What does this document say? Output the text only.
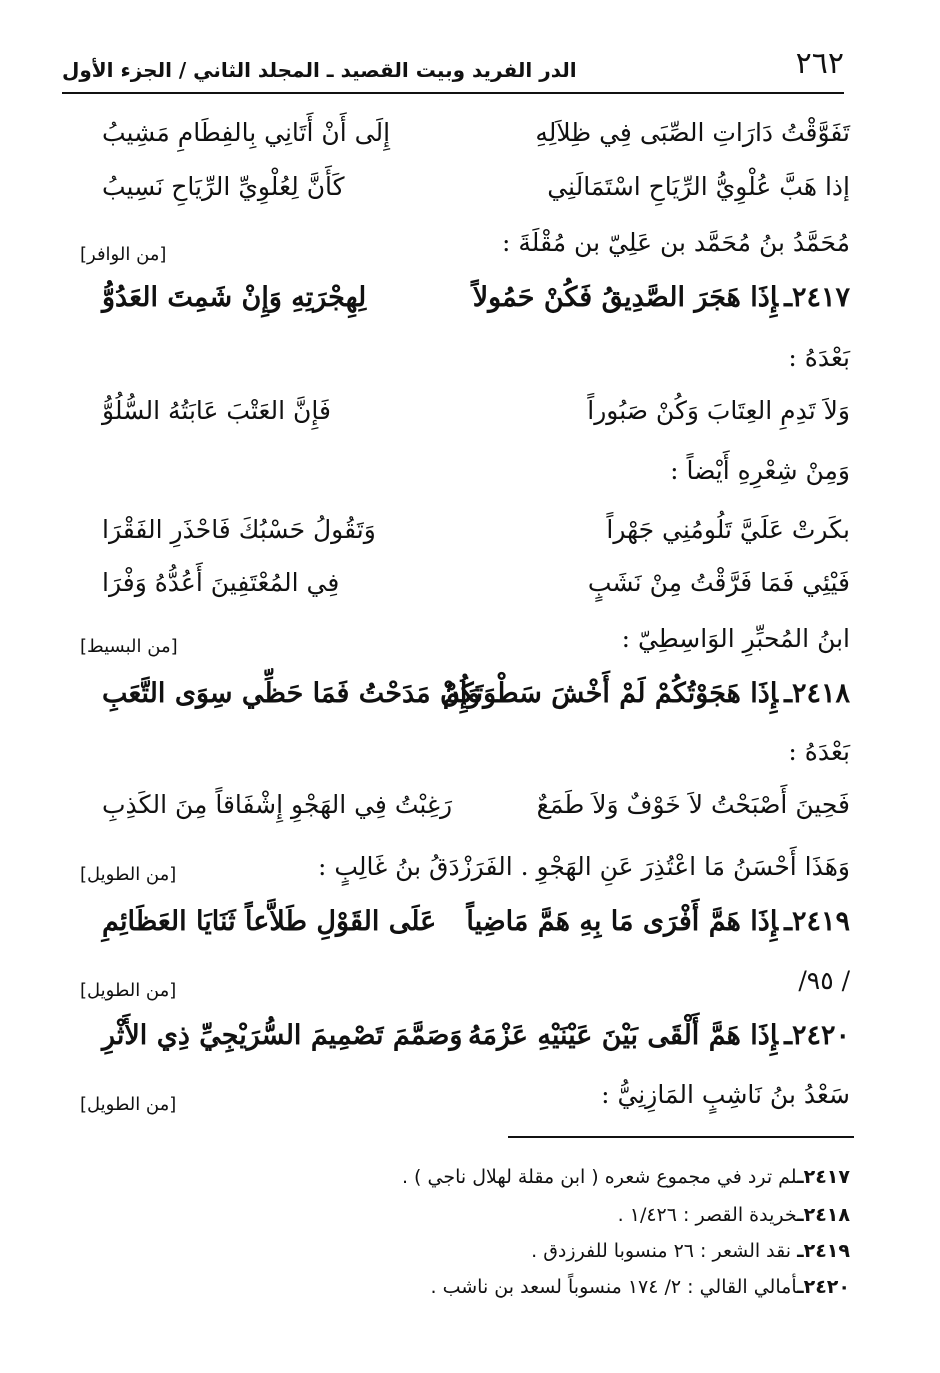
٢٦٢
الدر الفريد وبيت القصيد ـ المجلد الثاني / الجزء الأول
تَفَوَّقْتُ دَارَاتِ الصِّبَى فِي ظِلاَلِهِ
إِلَى أَنْ أَتَانِي بِالفِطَامِ مَشِيبُ
إذا هَبَّ عُلْوِيُّ الرِّيَاحِ اسْتَمَالَنِي
كَأَنَّ لِعُلْوِيِّ الرِّيَاحِ نَسِيبُ
مُحَمَّدُ بنُ مُحَمَّد بن عَلِيّ بن مُقْلَةَ :
[من الوافر]
٢٤١٧ـإِذَا هَجَرَ الصَّدِيقُ فَكُنْ حَمُولاً
لِهِجْرَتِهِ وَإِنْ شَمِتَ العَدُوُّ
بَعْدَهُ :
وَلاَ تَدِمِ العِتَابَ وَكُنْ صَبُوراً
فَإِنَّ العَتْبَ عَابَتُهُ السُّلُوُّ
وَمِنْ شِعْرِهِ أَيْضاً :
بكَرتْ عَلَيَّ تَلُومُنِي جَهْراً
وَتَقُولُ حَسْبُكَ فَاحْذَرِ الفَقْرَا
فَيْئِي فَمَا فَرَّقْتُ مِنْ نَشَبٍ
فِي المُعْتَفِينَ أَعُدُّهُ وَفْرَا
ابنُ المُحبِّرِ الوَاسِطِيّ :
[من البسيط]
٢٤١٨ـإِذَا هَجَوْتُكُمْ لَمْ أَخْشَ سَطْوَتَكُمْ
وَإِنْ مَدَحْتُ فَمَا حَظِّي سِوَى التَّعَبِ
بَعْدَهُ :
فَحِينَ أَصْبَحْتُ لاَ خَوْفٌ وَلاَ طَمَعٌ
رَغِبْتُ فِي الهَجْوِ إِشْفَاقاً مِنَ الكَذِبِ
وَهَذَا أَحْسَنُ مَا اعْتُذِرَ عَنِ الهَجْوِ . الفَرَزْدَقُ بنُ غَالِبٍ :
[من الطويل]
٢٤١٩ـإِذَا هَمَّ أَفْرَى مَا بِهِ هَمَّ مَاضِياً
عَلَى القَوْلِ طَلاَّعاً ثَنَايَا العَظَائِمِ
/ ٩٥/
[من الطويل]
٢٤٢٠ـإِذَا هَمَّ أَلْقَى بَيْنَ عَيْنَيْهِ عَزْمَهُ
وَصَمَّمَ تَصْمِيمَ السُّرَيْجِيِّ ذِي الأَثْرِ
سَعْدُ بنُ نَاشِبٍ المَازِنِيُّ :
[من الطويل]
٢٤١٧ـلم ترد في مجموع شعره ( ابن مقلة لهلال ناجي ) .
٢٤١٨ـخريدة القصر : ١/٤٢٦ .
٢٤١٩ـ نقد الشعر : ٢٦ منسوبا للفرزدق .
٢٤٢٠ـأمالي القالي : ٢/ ١٧٤ منسوباً لسعد بن ناشب .
